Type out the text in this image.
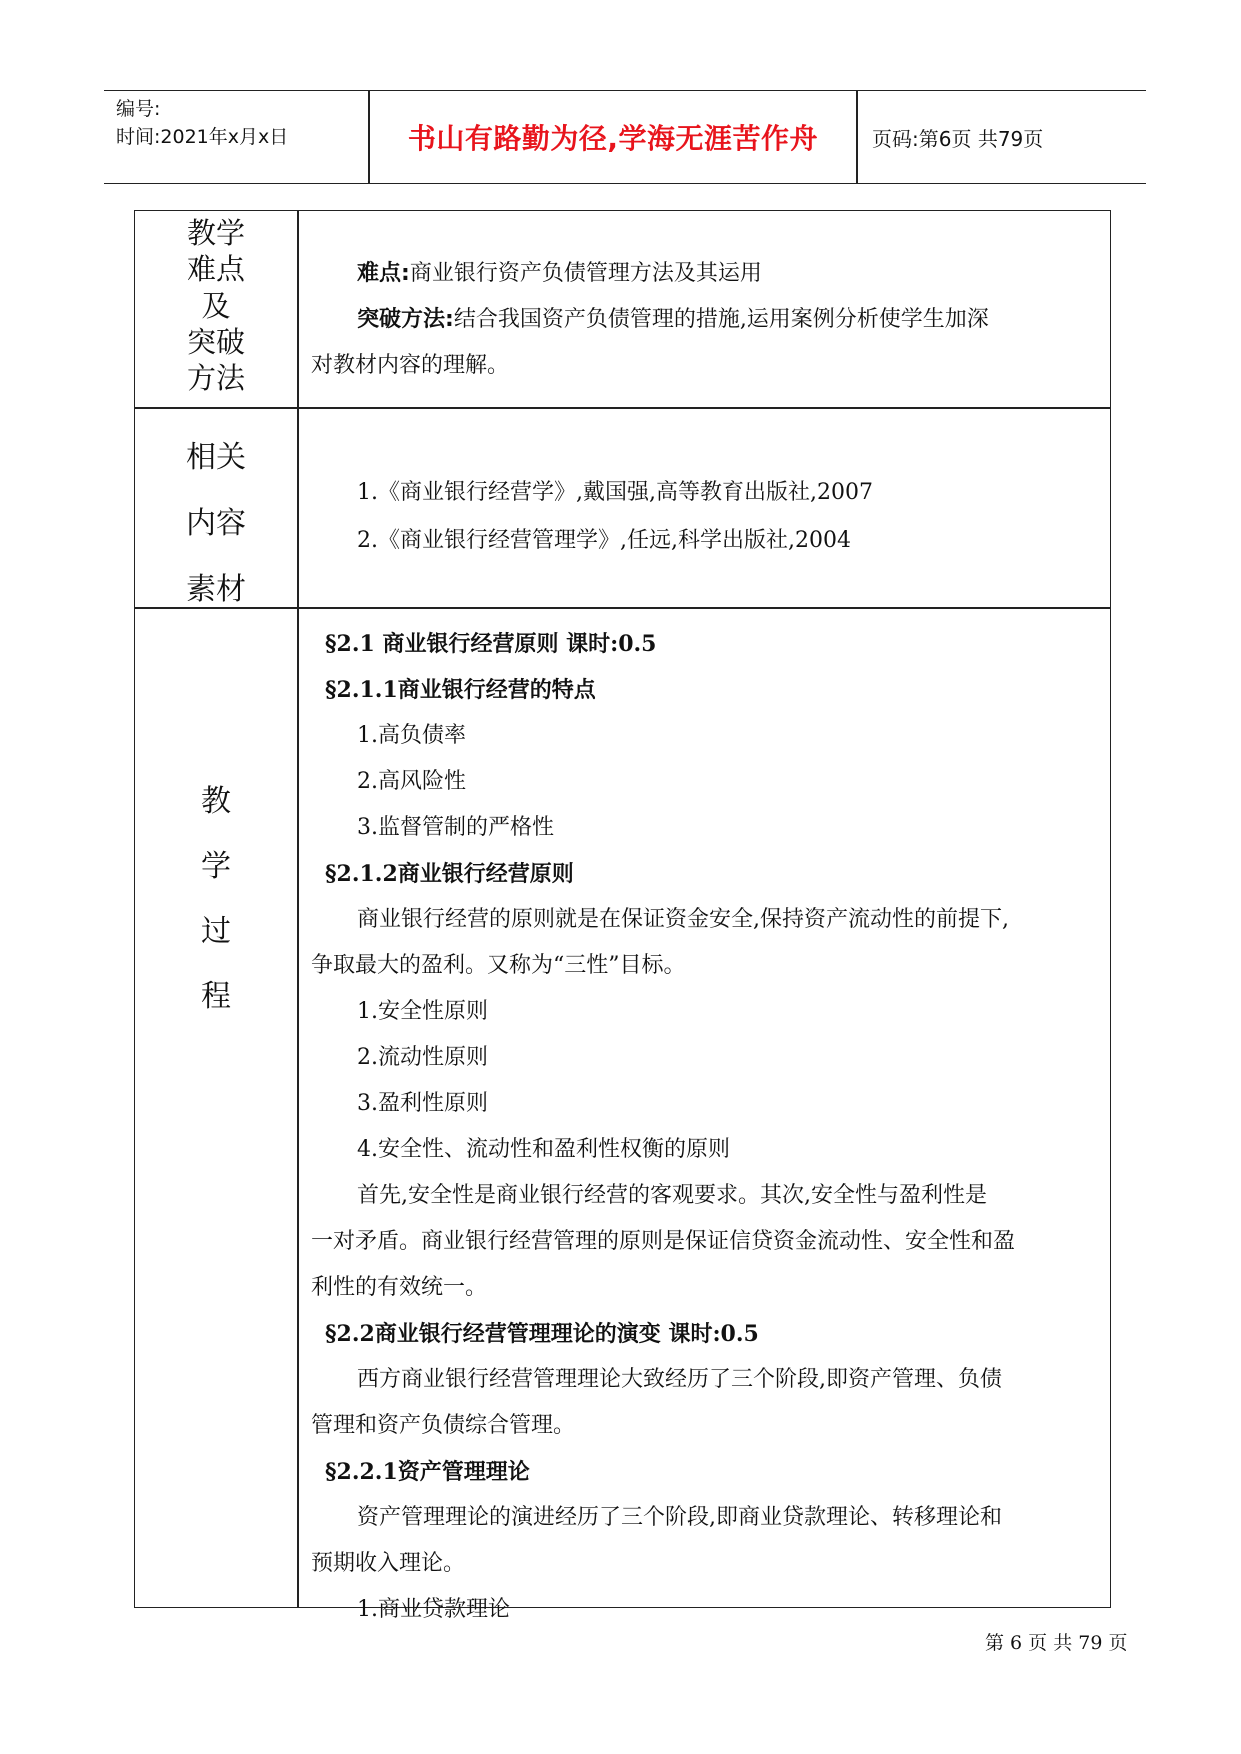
编号:
时间:2021年x月x日	书山有路勤为径,学海无涯苦作舟	页码:第6页 共79页
教学
难点
及
突破
方法

难点:商业银行资产负债管理方法及其运用

突破方法:结合我国资产负债管理的措施,运用案例分析使学生加深

对教材内容的理解。

相关
内容
素材

1.《商业银行经营学》,戴国强,高等教育出版社,2007

2.《商业银行经营管理学》,任远,科学出版社,2004

教
学
过
程

§2.1 商业银行经营原则 课时:0.5

§2.1.1商业银行经营的特点

1.高负债率

2.高风险性

3.监督管制的严格性

§2.1.2商业银行经营原则

商业银行经营的原则就是在保证资金安全,保持资产流动性的前提下,

争取最大的盈利。又称为“三性”目标。

1.安全性原则

2.流动性原则

3.盈利性原则

4.安全性、流动性和盈利性权衡的原则

首先,安全性是商业银行经营的客观要求。其次,安全性与盈利性是

一对矛盾。商业银行经营管理的原则是保证信贷资金流动性、安全性和盈

利性的有效统一。

§2.2商业银行经营管理理论的演变 课时:0.5

西方商业银行经营管理理论大致经历了三个阶段,即资产管理、负债

管理和资产负债综合管理。

§2.2.1资产管理理论

资产管理理论的演进经历了三个阶段,即商业贷款理论、转移理论和

预期收入理论。

1.商业贷款理论

第 6 页 共 79 页
